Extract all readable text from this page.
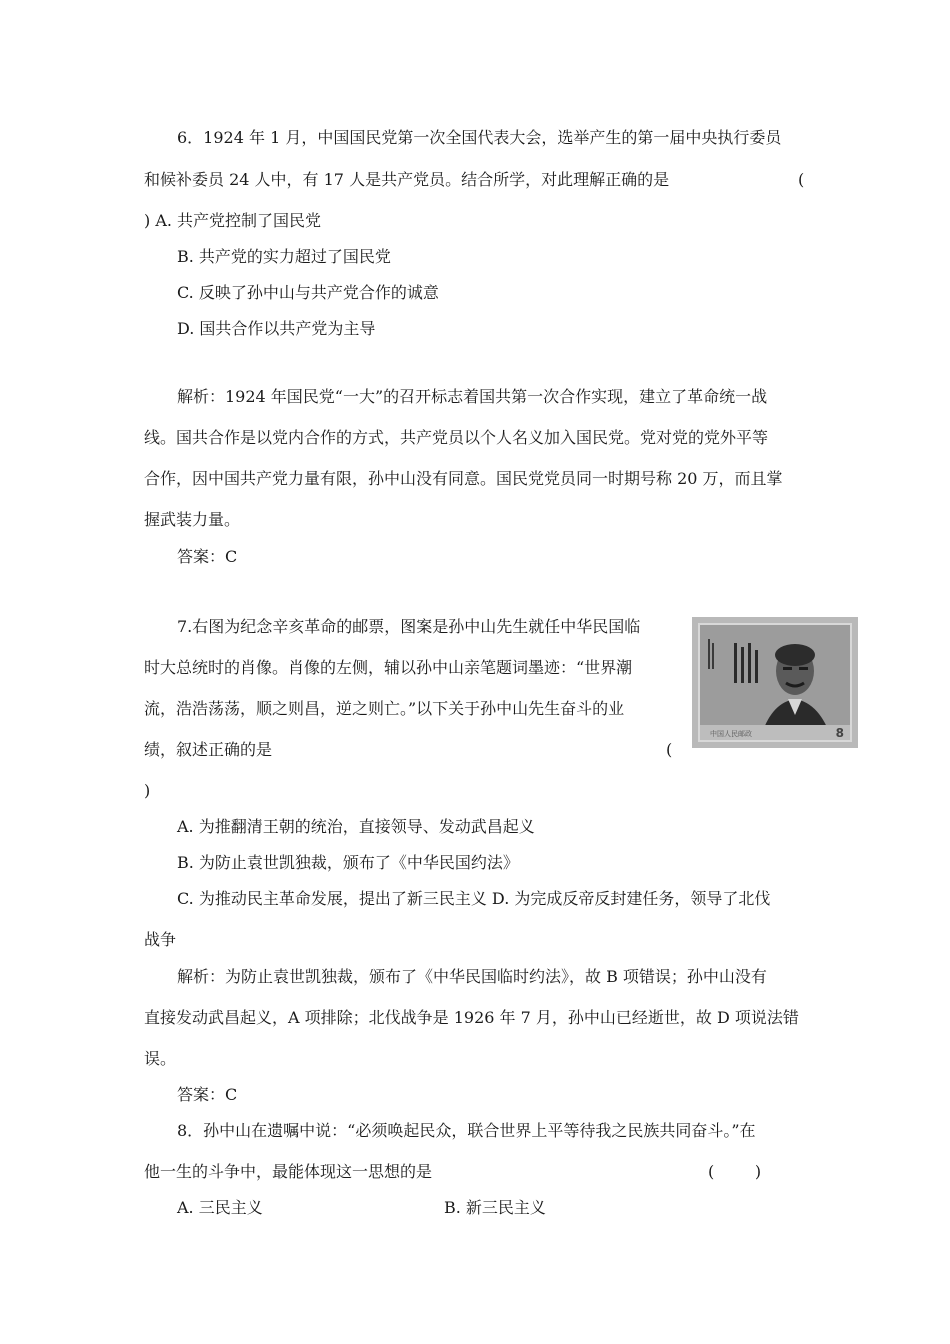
6．1924 年 1 月，中国国民党第一次全国代表大会，选举产生的第一届中央执行委员
和候补委员 24 人中，有 17 人是共产党员。结合所学，对此理解正确的是	(
) A. 共产党控制了国民党
B. 共产党的实力超过了国民党
C. 反映了孙中山与共产党合作的诚意
D. 国共合作以共产党为主导
解析：1924 年国民党“一大”的召开标志着国共第一次合作实现，建立了革命统一战
线。国共合作是以党内合作的方式，共产党员以个人名义加入国民党。党对党的党外平等
合作，因中国共产党力量有限，孙中山没有同意。国民党党员同一时期号称 20 万，而且掌
握武装力量。
答案：C
7.右图为纪念辛亥革命的邮票，图案是孙中山先生就任中华民国临
时大总统时的肖像。肖像的左侧，辅以孙中山亲笔题词墨迹：“世界潮
流，浩浩荡荡，顺之则昌，逆之则亡。”以下关于孙中山先生奋斗的业
绩，叙述正确的是	(
)
中国人民邮政	8
A. 为推翻清王朝的统治，直接领导、发动武昌起义
B. 为防止袁世凯独裁，颁布了《中华民国约法》
C. 为推动民主革命发展，提出了新三民主义 D. 为完成反帝反封建任务，领导了北伐
战争
解析：为防止袁世凯独裁，颁布了《中华民国临时约法》，故 B 项错误；孙中山没有
直接发动武昌起义，A 项排除；北伐战争是 1926 年 7 月，孙中山已经逝世，故 D 项说法错
误。
答案：C
8．孙中山在遗嘱中说：“必须唤起民众，联合世界上平等待我之民族共同奋斗。”在
他一生的斗争中，最能体现这一思想的是	(        )
A. 三民主义	B. 新三民主义
